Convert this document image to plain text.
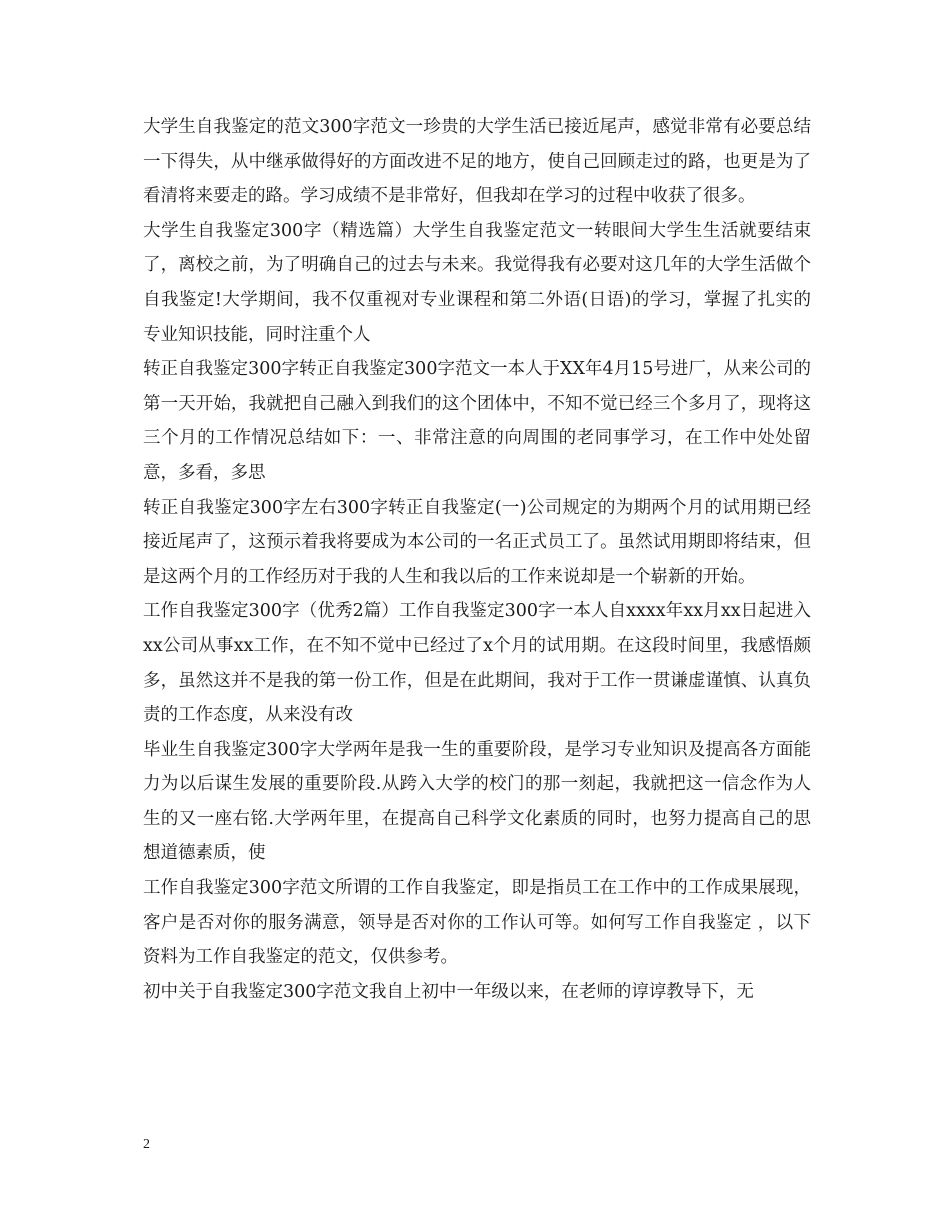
大学生自我鉴定的范文300字范文一珍贵的大学生活已接近尾声，感觉非常有必要总结一下得失，从中继承做得好的方面改进不足的地方，使自己回顾走过的路，也更是为了看清将来要走的路。学习成绩不是非常好，但我却在学习的过程中收获了很多。

大学生自我鉴定300字（精选篇）大学生自我鉴定范文一转眼间大学生生活就要结束了，离校之前，为了明确自己的过去与未来。我觉得我有必要对这几年的大学生活做个自我鉴定!大学期间，我不仅重视对专业课程和第二外语(日语)的学习，掌握了扎实的专业知识技能，同时注重个人

转正自我鉴定300字转正自我鉴定300字范文一本人于XX年4月15号进厂，从来公司的第一天开始，我就把自己融入到我们的这个团体中，不知不觉已经三个多月了，现将这三个月的工作情况总结如下：一、非常注意的向周围的老同事学习，在工作中处处留意，多看，多思

转正自我鉴定300字左右300字转正自我鉴定(一)公司规定的为期两个月的试用期已经接近尾声了，这预示着我将要成为本公司的一名正式员工了。虽然试用期即将结束，但是这两个月的工作经历对于我的人生和我以后的工作来说却是一个崭新的开始。

工作自我鉴定300字（优秀2篇）工作自我鉴定300字一本人自xxxx年xx月xx日起进入xx公司从事xx工作，在不知不觉中已经过了x个月的试用期。在这段时间里，我感悟颇多，虽然这并不是我的第一份工作，但是在此期间，我对于工作一贯谦虚谨慎、认真负责的工作态度，从来没有改

毕业生自我鉴定300字大学两年是我一生的重要阶段，是学习专业知识及提高各方面能力为以后谋生发展的重要阶段.从跨入大学的校门的那一刻起，我就把这一信念作为人生的又一座右铭.大学两年里，在提高自己科学文化素质的同时，也努力提高自己的思想道德素质，使

工作自我鉴定300字范文所谓的工作自我鉴定，即是指员工在工作中的工作成果展现，客户是否对你的服务满意，领导是否对你的工作认可等。如何写工作自我鉴定 ，以下资料为工作自我鉴定的范文，仅供参考。

初中关于自我鉴定300字范文我自上初中一年级以来，在老师的谆谆教导下，无

2
